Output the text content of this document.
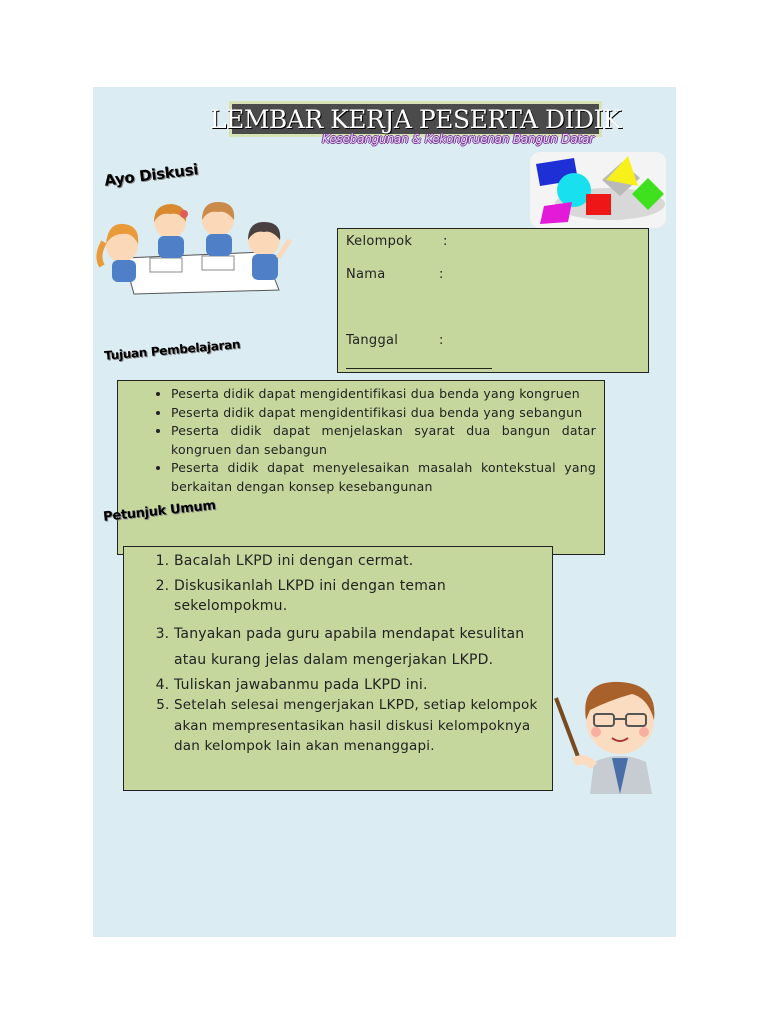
LEMBAR KERJA PESERTA DIDIK
Kesebangunan & Kekongruenan Bangun Datar
Ayo Diskusi
Kelompok :
Nama	:
Tanggal	:
Tujuan Pembelajaran
• Peserta didik dapat mengidentifikasi dua benda yang kongruen
• Peserta didik dapat mengidentifikasi dua benda yang sebangun
• Peserta didik dapat menjelaskan syarat dua bangun datar kongruen dan sebangun
• Peserta didik dapat menyelesaikan masalah kontekstual yang berkaitan dengan konsep kesebangunan
1. Bacalah LKPD ini dengan cermat.
2. Diskusikanlah LKPD ini dengan teman sekelompokmu.
3. Tanyakan pada guru apabila mendapat kesulitan atau kurang jelas dalam mengerjakan LKPD.
4. Tuliskan jawabanmu pada LKPD ini.
5. Setelah selesai mengerjakan LKPD, setiap kelompok akan mempresentasikan hasil diskusi kelompoknya dan kelompok lain akan menanggapi.
Petunjuk Umum
